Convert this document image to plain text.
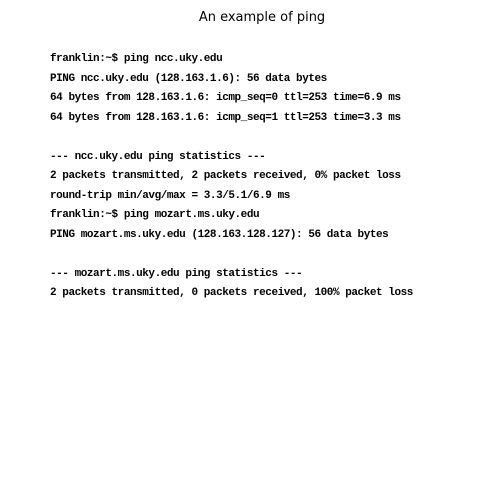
An example of ping
franklin:~$ ping ncc.uky.edu
PING ncc.uky.edu (128.163.1.6): 56 data bytes
64 bytes from 128.163.1.6: icmp_seq=0 ttl=253 time=6.9 ms
64 bytes from 128.163.1.6: icmp_seq=1 ttl=253 time=3.3 ms
--- ncc.uky.edu ping statistics ---
2 packets transmitted, 2 packets received, 0% packet loss
round-trip min/avg/max = 3.3/5.1/6.9 ms
franklin:~$ ping mozart.ms.uky.edu
PING mozart.ms.uky.edu (128.163.128.127): 56 data bytes
--- mozart.ms.uky.edu ping statistics ---
2 packets transmitted, 0 packets received, 100% packet loss
